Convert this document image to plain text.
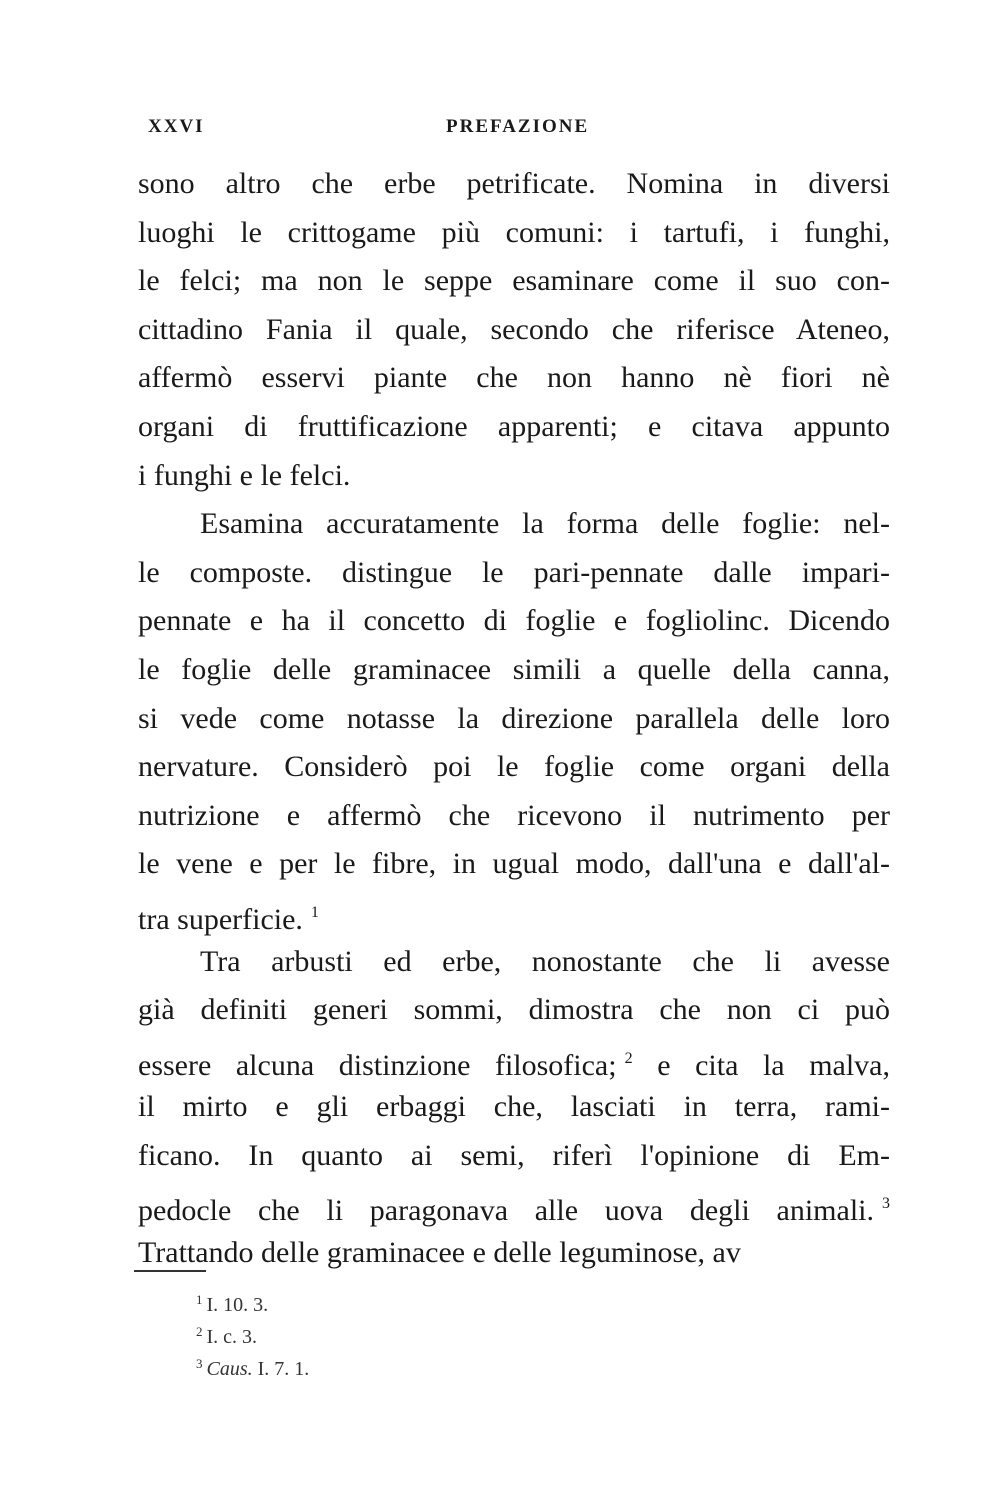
XXVI	PREFAZIONE
sono altro che erbe petrificate. Nomina in diversi
luoghi le crittogame più comuni: i tartufi, i funghi,
le felci; ma non le seppe esaminare come il suo con-
cittadino Fania il quale, secondo che riferisce Ateneo,
affermò esservi piante che non hanno nè fiori nè
organi di fruttificazione apparenti; e citava appunto
i funghi e le felci.
Esamina accuratamente la forma delle foglie: nel-
le composte. distingue le pari-pennate dalle impari-
pennate e ha il concetto di foglie e fogliolinc. Dicendo
le foglie delle graminacee simili a quelle della canna,
si vede come notasse la direzione parallela delle loro
nervature. Considerò poi le foglie come organi della
nutrizione e affermò che ricevono il nutrimento per
le vene e per le fibre, in ugual modo, dall'una e dall'al-
tra superficie. $^1$
Tra arbusti ed erbe, nonostante che li avesse
già definiti generi sommi, dimostra che non ci può
essere alcuna distinzione filosofica; $^2$ e cita la malva,
il mirto e gli erbaggi che, lasciati in terra, rami-
ficano. In quanto ai semi, riferì l'opinione di Em-
pedocle che li paragonava alle uova degli animali. $^3$
Trattando delle graminacee e delle leguminose, av
$^1$ I. 10. 3.
$^2$ I. c. 3.
$^3$ Caus. I. 7. 1.
